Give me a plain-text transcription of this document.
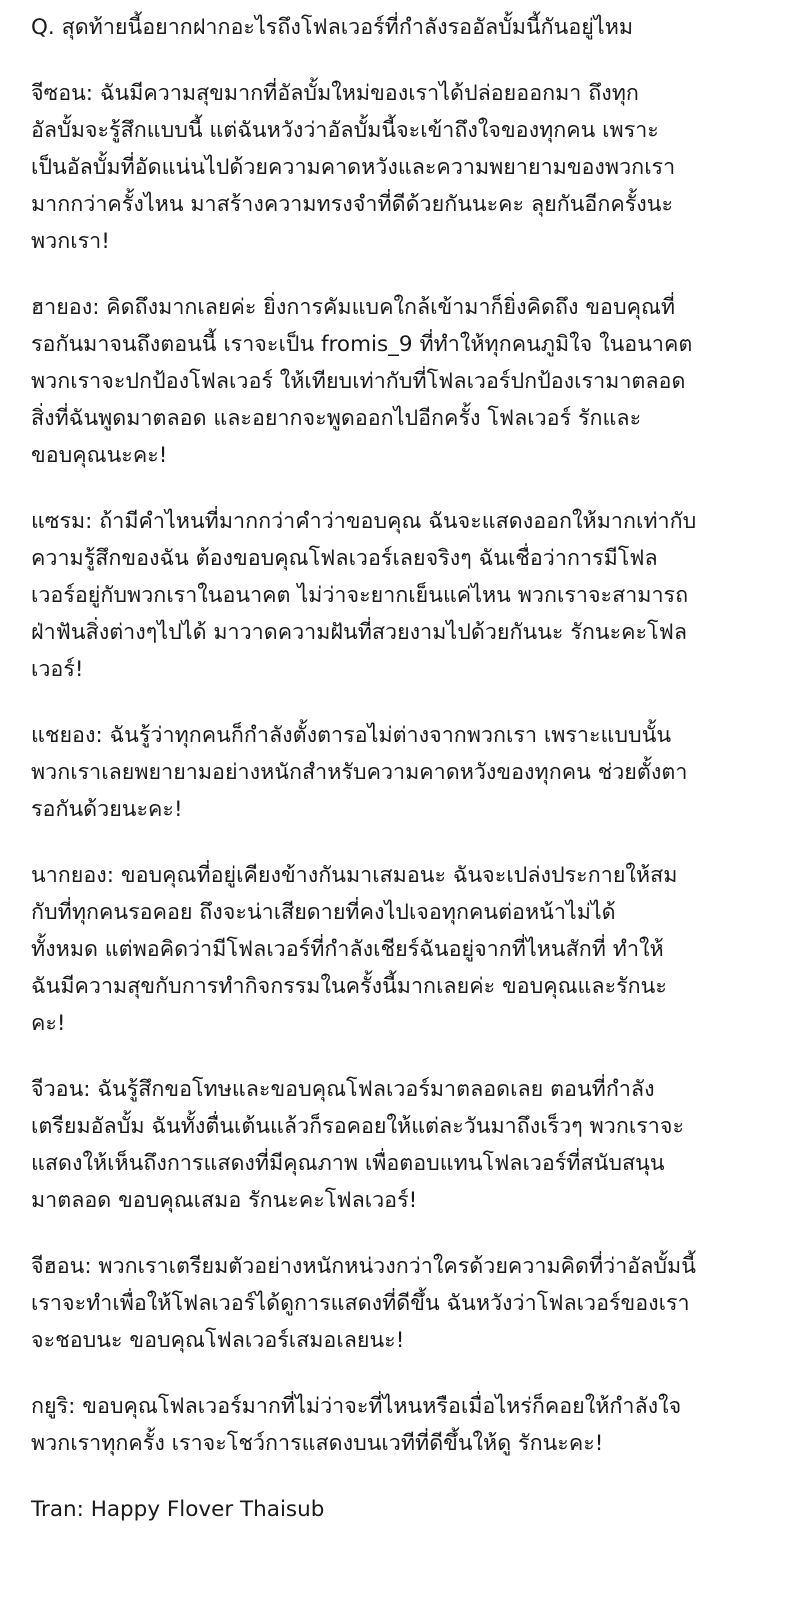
Q. สุดท้ายนี้อยากฝากอะไรถึงโฟลเวอร์ที่กำลังรออัลบั้มนี้กันอยู่ไหม
จีซอน: ฉันมีความสุขมากที่อัลบั้มใหม่ของเราได้ปล่อยออกมา ถึงทุก
อัลบั้มจะรู้สึกแบบนี้ แต่ฉันหวังว่าอัลบั้มนี้จะเข้าถึงใจของทุกคน เพราะ
เป็นอัลบั้มที่อัดแน่นไปด้วยความคาดหวังและความพยายามของพวกเรา
มากกว่าครั้งไหน มาสร้างความทรงจำที่ดีด้วยกันนะคะ ลุยกันอีกครั้งนะ
พวกเรา!
ฮายอง: คิดถึงมากเลยค่ะ ยิ่งการคัมแบคใกล้เข้ามาก็ยิ่งคิดถึง ขอบคุณที่
รอกันมาจนถึงตอนนี้ เราจะเป็น fromis_9 ที่ทำให้ทุกคนภูมิใจ ในอนาคต
พวกเราจะปกป้องโฟลเวอร์ ให้เทียบเท่ากับที่โฟลเวอร์ปกป้องเรามาตลอด
สิ่งที่ฉันพูดมาตลอด และอยากจะพูดออกไปอีกครั้ง โฟลเวอร์ รักและ
ขอบคุณนะคะ!
แซรม: ถ้ามีคำไหนที่มากกว่าคำว่าขอบคุณ ฉันจะแสดงออกให้มากเท่ากับ
ความรู้สึกของฉัน ต้องขอบคุณโฟลเวอร์เลยจริงๆ ฉันเชื่อว่าการมีโฟล
เวอร์อยู่กับพวกเราในอนาคต ไม่ว่าจะยากเย็นแค่ไหน พวกเราจะสามารถ
ฝ่าฟันสิ่งต่างๆไปได้ มาวาดความฝันที่สวยงามไปด้วยกันนะ รักนะคะโฟล
เวอร์!
แชยอง: ฉันรู้ว่าทุกคนก็กำลังตั้งตารอไม่ต่างจากพวกเรา เพราะแบบนั้น
พวกเราเลยพยายามอย่างหนักสำหรับความคาดหวังของทุกคน ช่วยตั้งตา
รอกันด้วยนะคะ!
นากยอง: ขอบคุณที่อยู่เคียงข้างกันมาเสมอนะ ฉันจะเปล่งประกายให้สม
กับที่ทุกคนรอคอย ถึงจะน่าเสียดายที่คงไปเจอทุกคนต่อหน้าไม่ได้
ทั้งหมด แต่พอคิดว่ามีโฟลเวอร์ที่กำลังเชียร์ฉันอยู่จากที่ไหนสักที่ ทำให้
ฉันมีความสุขกับการทำกิจกรรมในครั้งนี้มากเลยค่ะ ขอบคุณและรักนะ
คะ!
จีวอน: ฉันรู้สึกขอโทษและขอบคุณโฟลเวอร์มาตลอดเลย ตอนที่กำลัง
เตรียมอัลบั้ม ฉันทั้งตื่นเต้นแล้วก็รอคอยให้แต่ละวันมาถึงเร็วๆ พวกเราจะ
แสดงให้เห็นถึงการแสดงที่มีคุณภาพ เพื่อตอบแทนโฟลเวอร์ที่สนับสนุน
มาตลอด ขอบคุณเสมอ รักนะคะโฟลเวอร์!
จีฮอน: พวกเราเตรียมตัวอย่างหนักหน่วงกว่าใครด้วยความคิดที่ว่าอัลบั้มนี้
เราจะทำเพื่อให้โฟลเวอร์ได้ดูการแสดงที่ดีขึ้น ฉันหวังว่าโฟลเวอร์ของเรา
จะชอบนะ ขอบคุณโฟลเวอร์เสมอเลยนะ!
กยูริ: ขอบคุณโฟลเวอร์มากที่ไม่ว่าจะที่ไหนหรือเมื่อไหร่ก็คอยให้กำลังใจ
พวกเราทุกครั้ง เราจะโชว์การแสดงบนเวทีที่ดีขึ้นให้ดู รักนะคะ!
Tran: Happy Flover Thaisub
